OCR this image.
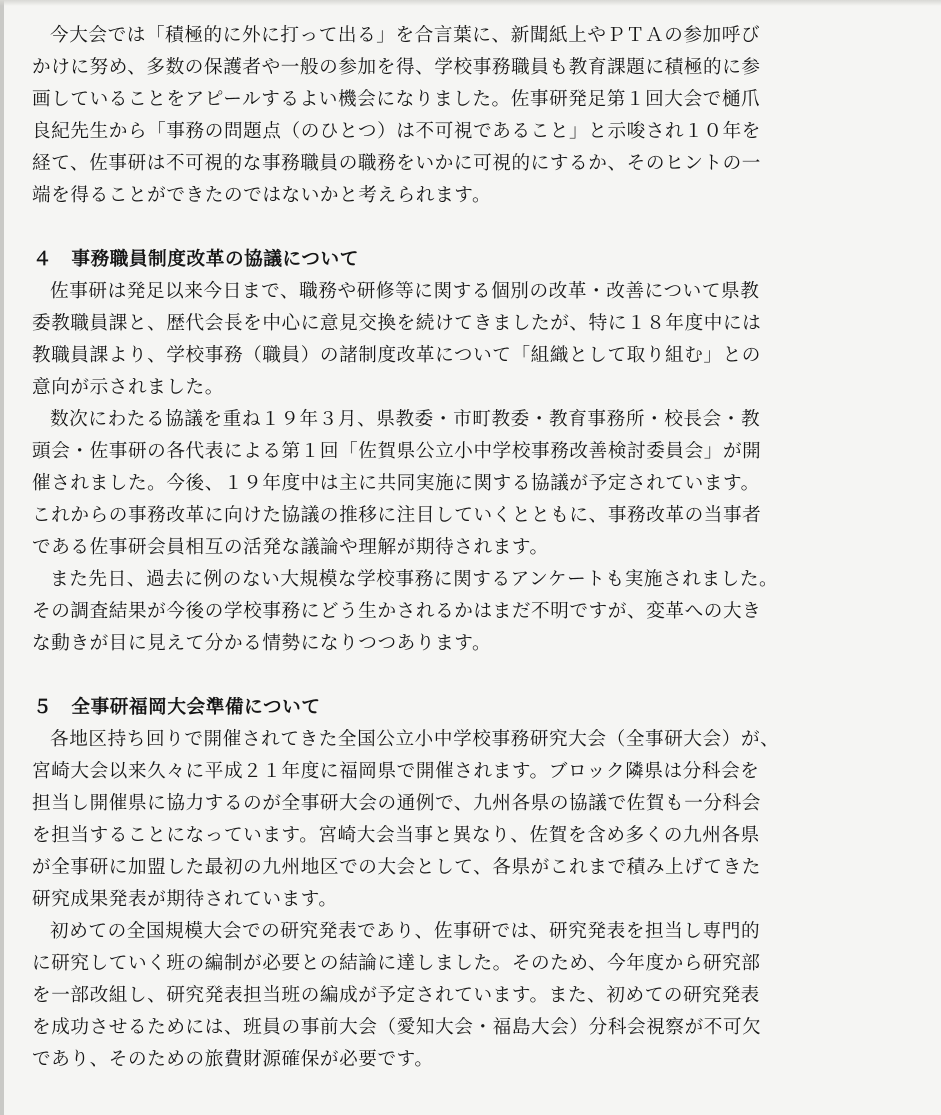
今大会では「積極的に外に打って出る」を合言葉に、新聞紙上やＰＴＡの参加呼び
かけに努め、多数の保護者や一般の参加を得、学校事務職員も教育課題に積極的に参
画していることをアピールするよい機会になりました。佐事研発足第１回大会で樋爪
良紀先生から「事務の問題点（のひとつ）は不可視であること」と示唆され１０年を
経て、佐事研は不可視的な事務職員の職務をいかに可視的にするか、そのヒントの一
端を得ることができたのではないかと考えられます。

４　事務職員制度改革の協議について

佐事研は発足以来今日まで、職務や研修等に関する個別の改革・改善について県教
委教職員課と、歴代会長を中心に意見交換を続けてきましたが、特に１８年度中には
教職員課より、学校事務（職員）の諸制度改革について「組織として取り組む」との
意向が示されました。

数次にわたる協議を重ね１９年３月、県教委・市町教委・教育事務所・校長会・教
頭会・佐事研の各代表による第１回「佐賀県公立小中学校事務改善検討委員会」が開
催されました。今後、１９年度中は主に共同実施に関する協議が予定されています。
これからの事務改革に向けた協議の推移に注目していくとともに、事務改革の当事者
である佐事研会員相互の活発な議論や理解が期待されます。

また先日、過去に例のない大規模な学校事務に関するアンケートも実施されました。
その調査結果が今後の学校事務にどう生かされるかはまだ不明ですが、変革への大き
な動きが目に見えて分かる情勢になりつつあります。

５　全事研福岡大会準備について

各地区持ち回りで開催されてきた全国公立小中学校事務研究大会（全事研大会）が、
宮崎大会以来久々に平成２１年度に福岡県で開催されます。ブロック隣県は分科会を
担当し開催県に協力するのが全事研大会の通例で、九州各県の協議で佐賀も一分科会
を担当することになっています。宮崎大会当事と異なり、佐賀を含め多くの九州各県
が全事研に加盟した最初の九州地区での大会として、各県がこれまで積み上げてきた
研究成果発表が期待されています。

初めての全国規模大会での研究発表であり、佐事研では、研究発表を担当し専門的
に研究していく班の編制が必要との結論に達しました。そのため、今年度から研究部
を一部改組し、研究発表担当班の編成が予定されています。また、初めての研究発表
を成功させるためには、班員の事前大会（愛知大会・福島大会）分科会視察が不可欠
であり、そのための旅費財源確保が必要です。
